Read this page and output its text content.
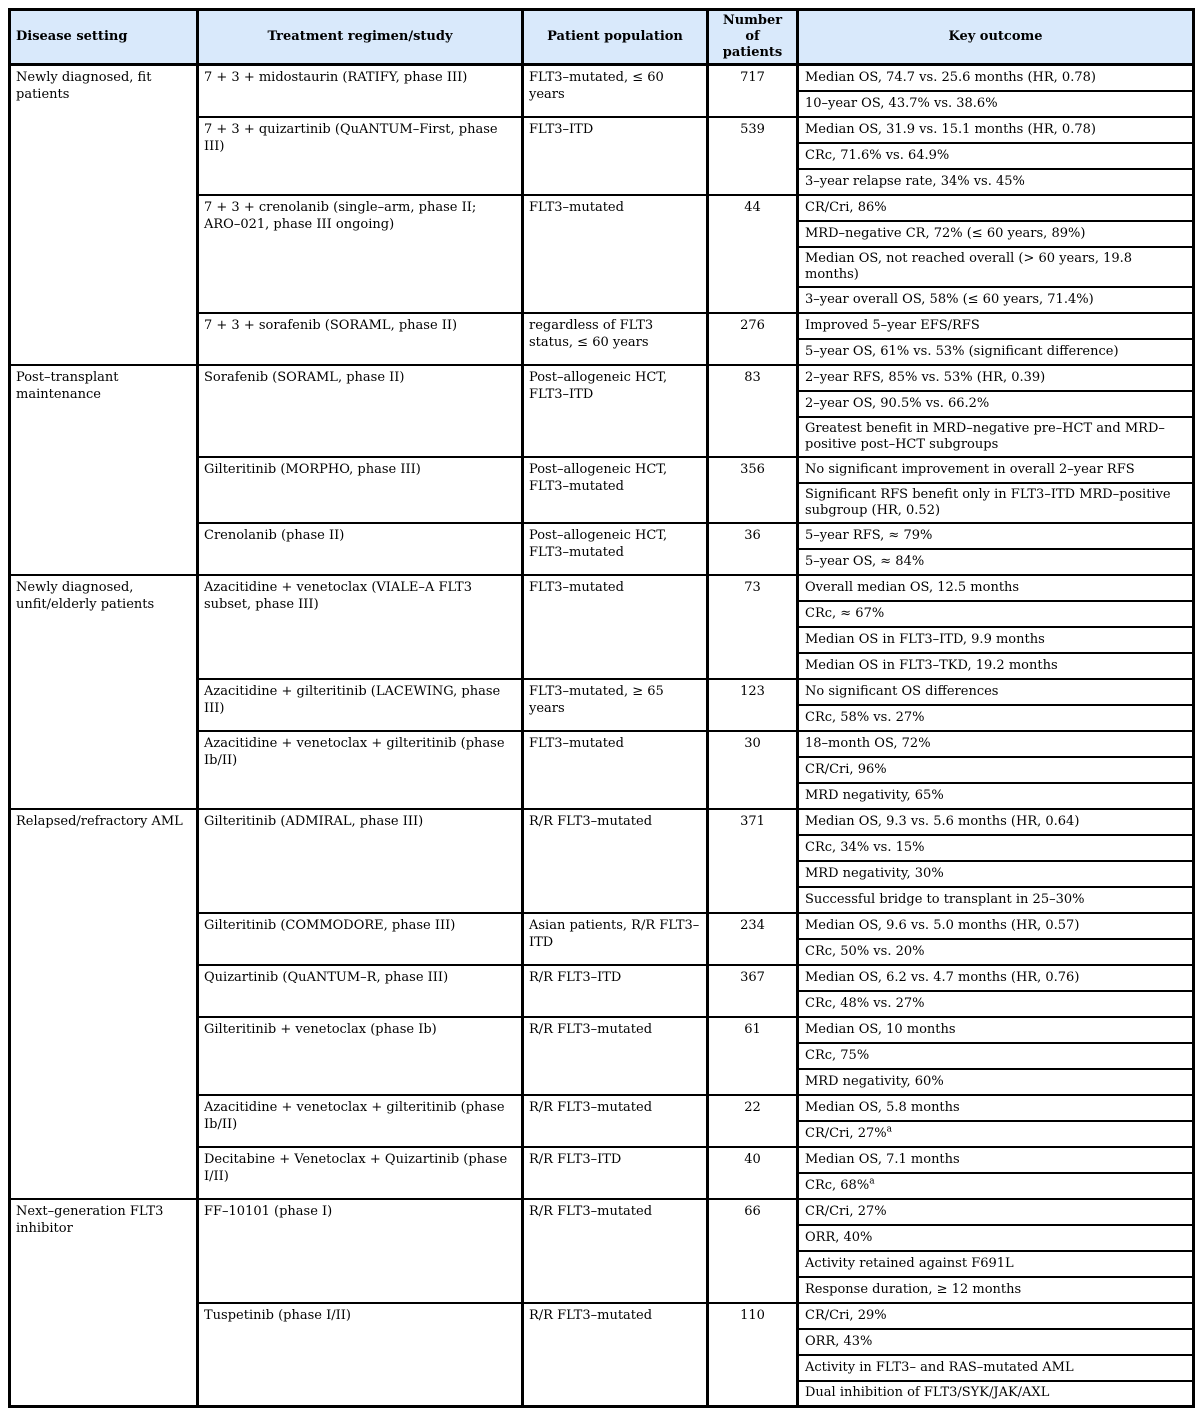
Disease setting	Treatment regimen/study	Patient population	Number of patients	Key outcome
Newly diagnosed, fit patients	7 + 3 + midostaurin (RATIFY, phase III)	FLT3–mutated, ≤ 60 years	717	Median OS, 74.7 vs. 25.6 months (HR, 0.78)
				10–year OS, 43.7% vs. 38.6%
	7 + 3 + quizartinib (QuANTUM–First, phase III)	FLT3–ITD	539	Median OS, 31.9 vs. 15.1 months (HR, 0.78)
				CRc, 71.6% vs. 64.9%
				3–year relapse rate, 34% vs. 45%
	7 + 3 + crenolanib (single–arm, phase II; ARO–021, phase III ongoing)	FLT3–mutated	44	CR/Cri, 86%
				MRD–negative CR, 72% (≤ 60 years, 89%)
				Median OS, not reached overall (> 60 years, 19.8 months)
				3–year overall OS, 58% (≤ 60 years, 71.4%)
	7 + 3 + sorafenib (SORAML, phase II)	regardless of FLT3 status, ≤ 60 years	276	Improved 5–year EFS/RFS
				5–year OS, 61% vs. 53% (significant difference)
Post–transplant maintenance	Sorafenib (SORAML, phase II)	Post–allogeneic HCT, FLT3–ITD	83	2–year RFS, 85% vs. 53% (HR, 0.39)
				2–year OS, 90.5% vs. 66.2%
				Greatest benefit in MRD–negative pre–HCT and MRD–positive post–HCT subgroups
	Gilteritinib (MORPHO, phase III)	Post–allogeneic HCT, FLT3–mutated	356	No significant improvement in overall 2–year RFS
				Significant RFS benefit only in FLT3–ITD MRD–positive subgroup (HR, 0.52)
	Crenolanib (phase II)	Post–allogeneic HCT, FLT3–mutated	36	5–year RFS, ≈ 79%
				5–year OS, ≈ 84%
Newly diagnosed, unfit/elderly patients	Azacitidine + venetoclax (VIALE–A FLT3 subset, phase III)	FLT3–mutated	73	Overall median OS, 12.5 months
				CRc, ≈ 67%
				Median OS in FLT3–ITD, 9.9 months
				Median OS in FLT3–TKD, 19.2 months
	Azacitidine + gilteritinib (LACEWING, phase III)	FLT3–mutated, ≥ 65 years	123	No significant OS differences
				CRc, 58% vs. 27%
	Azacitidine + venetoclax + gilteritinib (phase Ib/II)	FLT3–mutated	30	18–month OS, 72%
				CR/Cri, 96%
				MRD negativity, 65%
Relapsed/refractory AML	Gilteritinib (ADMIRAL, phase III)	R/R FLT3–mutated	371	Median OS, 9.3 vs. 5.6 months (HR, 0.64)
				CRc, 34% vs. 15%
				MRD negativity, 30%
				Successful bridge to transplant in 25–30%
	Gilteritinib (COMMODORE, phase III)	Asian patients, R/R FLT3–ITD	234	Median OS, 9.6 vs. 5.0 months (HR, 0.57)
				CRc, 50% vs. 20%
	Quizartinib (QuANTUM–R, phase III)	R/R FLT3–ITD	367	Median OS, 6.2 vs. 4.7 months (HR, 0.76)
				CRc, 48% vs. 27%
	Gilteritinib + venetoclax (phase Ib)	R/R FLT3–mutated	61	Median OS, 10 months
				CRc, 75%
				MRD negativity, 60%
	Azacitidine + venetoclax + gilteritinib (phase Ib/II)	R/R FLT3–mutated	22	Median OS, 5.8 months
				CR/Cri, 27%$^a$
	Decitabine + Venetoclax + Quizartinib (phase I/II)	R/R FLT3–ITD	40	Median OS, 7.1 months
				CRc, 68%$^a$
Next–generation FLT3 inhibitor	FF–10101 (phase I)	R/R FLT3–mutated	66	CR/Cri, 27%
				ORR, 40%
				Activity retained against F691L
				Response duration, ≥ 12 months
	Tuspetinib (phase I/II)	R/R FLT3–mutated	110	CR/Cri, 29%
				ORR, 43%
				Activity in FLT3– and RAS–mutated AML
				Dual inhibition of FLT3/SYK/JAK/AXL
